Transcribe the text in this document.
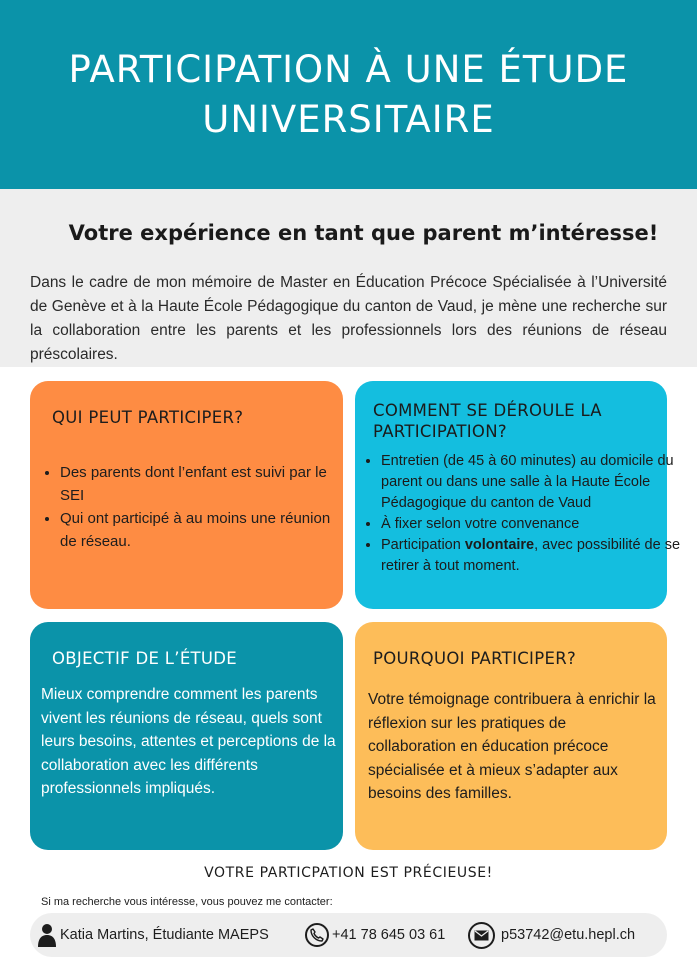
PARTICIPATION À UNE ÉTUDE
UNIVERSITAIRE
Votre expérience en tant que parent m’intéresse!
Dans le cadre de mon mémoire de Master en Éducation Précoce Spécialisée à l’Université de Genève et à la Haute École Pédagogique du canton de Vaud, je mène une recherche sur la collaboration entre les parents et les professionnels lors des réunions de réseau préscolaires.
QUI PEUT PARTICIPER?
• Des parents dont l’enfant est suivi par le SEI
• Qui ont participé à au moins une réunion de réseau.
COMMENT SE DÉROULE LA PARTICIPATION?
• Entretien (de 45 à 60 minutes) au domicile du parent ou dans une salle à la Haute École Pédagogique du canton de Vaud
• À fixer selon votre convenance
• Participation volontaire, avec possibilité de se retirer à tout moment.
OBJECTIF DE L’ÉTUDE
Mieux comprendre comment les parents vivent les réunions de réseau, quels sont leurs besoins, attentes et perceptions de la collaboration avec les différents professionnels impliqués.
POURQUOI PARTICIPER?
Votre témoignage contribuera à enrichir la réflexion sur les pratiques de collaboration en éducation précoce spécialisée et à mieux s’adapter aux besoins des familles.
VOTRE PARTICPATION EST PRÉCIEUSE!
Si ma recherche vous intéresse, vous pouvez me contacter:
Katia Martins, Étudiante MAEPS	+41 78 645 03 61	p53742@etu.hepl.ch
